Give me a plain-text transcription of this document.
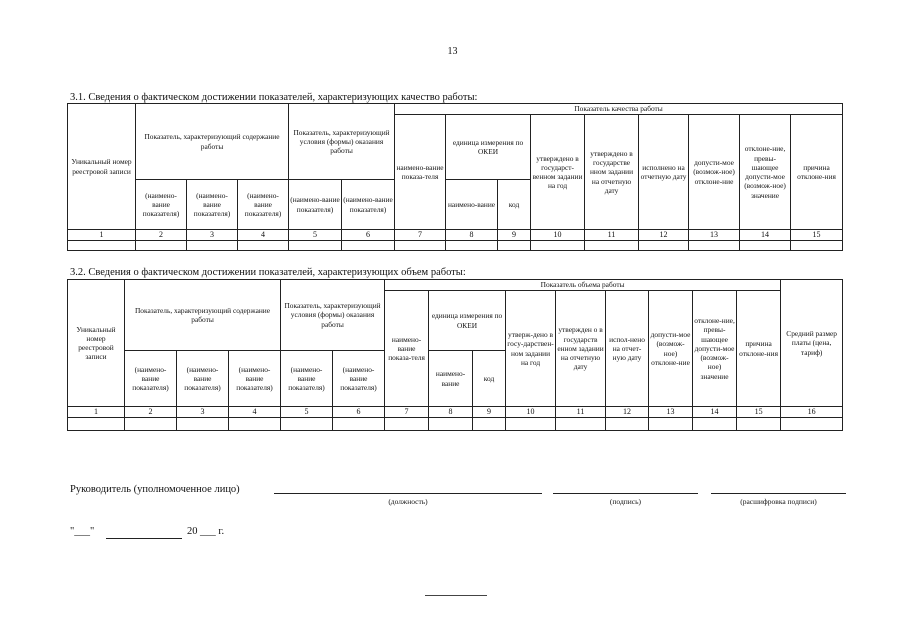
13
3.1. Сведения о фактическом достижении показателей, характеризующих качество работы:
Уникальный номер реестровой записи	Показатель, характеризующий содержание работы			Показатель, характеризующий условия (формы) оказания работы		Показатель качества работы								
						наимено-вание показа-теля	единица измерения по ОКЕИ		утверждено в государст-венном задании на год	утверждено в государстве нном задании на отчетную дату	исполнено на отчетную дату	допусти-мое (возмож-ное) отклоне-ние	отклоне-ние, превы-шающее допусти-мое (возмож-ное) значение	причина отклоне-ния
	(наимено-вание показателя)	(наимено-вание показателя)	(наимено-вание показателя)	(наимено-вание показателя)	(наимено-вание показателя)		наимено-вание	код						
1	2	3	4	5	6	7	8	9	10	11	12	13	14	15

3.2. Сведения о фактическом достижении показателей, характеризующих объем работы:
Уникальный номер реестровой записи	Показатель, характеризующий содержание работы			Показатель, характеризующий условия (формы) оказания работы		Показатель объема работы									Средний размер платы (цена, тариф)
						наимено-вание показа-теля	единица измерения по ОКЕИ		утверж-дено в госу-дарствен-ном задании на год	утвержден о в государств енном задании на отчетную дату	испол-нено на отчет-ную дату	допусти-мое (возмож-ное) отклоне-ние	отклоне-ние, превы-шающее допусти-мое (возмож-ное) значение	причина отклоне-ния	
	(наимено-вание показателя)	(наимено-вание показателя)	(наимено-вание показателя)	(наимено-вание показателя)	(наимено-вание показателя)		наимено-вание	код							
1	2	3	4	5	6	7	8	9	10	11	12	13	14	15	16

Руководитель (уполномоченное лицо)
(должность)	(подпись)	(расшифровка подписи)
"___"	20 ___ г.
